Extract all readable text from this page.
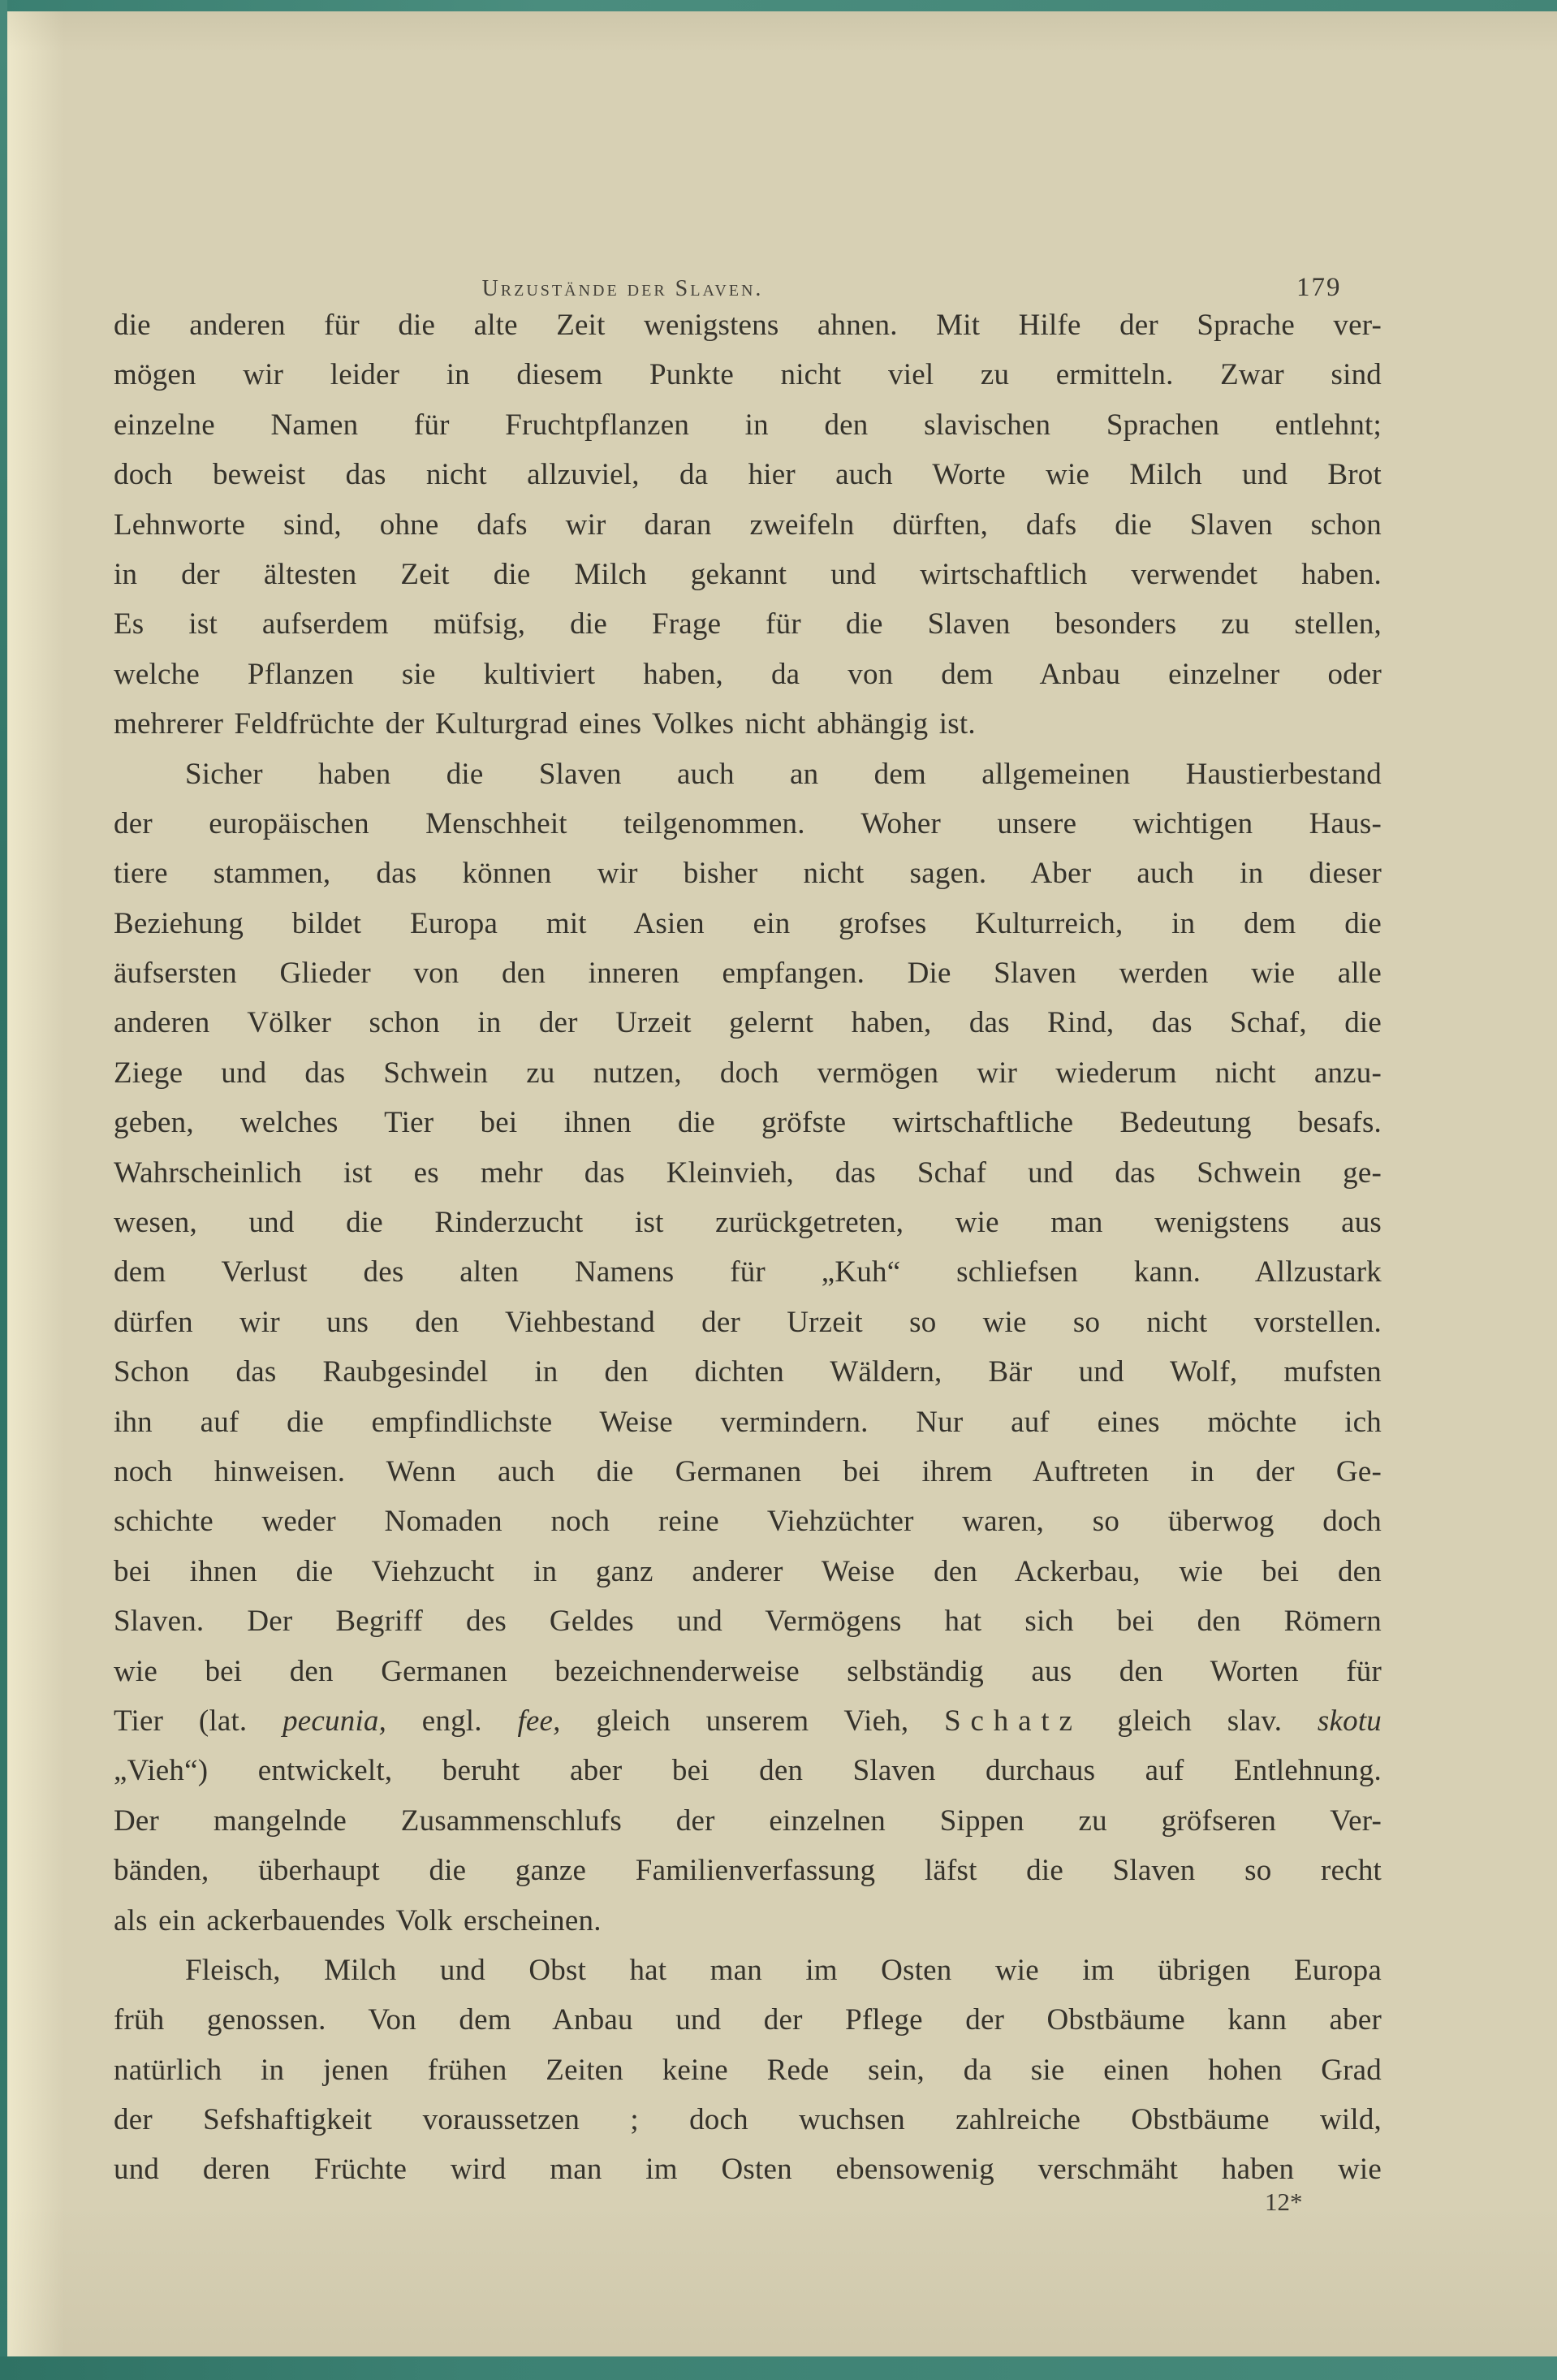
Urzustände der Slaven.	179
die anderen für die alte Zeit wenigstens ahnen. Mit Hilfe der Sprache ver-
mögen wir leider in diesem Punkte nicht viel zu ermitteln. Zwar sind
einzelne Namen für Fruchtpflanzen in den slavischen Sprachen entlehnt;
doch beweist das nicht allzuviel, da hier auch Worte wie Milch und Brot
Lehnworte sind, ohne dafs wir daran zweifeln dürften, dafs die Slaven schon
in der ältesten Zeit die Milch gekannt und wirtschaftlich verwendet haben.
Es ist aufserdem müfsig, die Frage für die Slaven besonders zu stellen,
welche Pflanzen sie kultiviert haben, da von dem Anbau einzelner oder
mehrerer Feldfrüchte der Kulturgrad eines Volkes nicht abhängig ist.
Sicher haben die Slaven auch an dem allgemeinen Haustierbestand
der europäischen Menschheit teilgenommen. Woher unsere wichtigen Haus-
tiere stammen, das können wir bisher nicht sagen. Aber auch in dieser
Beziehung bildet Europa mit Asien ein grofses Kulturreich, in dem die
äufsersten Glieder von den inneren empfangen. Die Slaven werden wie alle
anderen Völker schon in der Urzeit gelernt haben, das Rind, das Schaf, die
Ziege und das Schwein zu nutzen, doch vermögen wir wiederum nicht anzu-
geben, welches Tier bei ihnen die gröfste wirtschaftliche Bedeutung besafs.
Wahrscheinlich ist es mehr das Kleinvieh, das Schaf und das Schwein ge-
wesen, und die Rinderzucht ist zurückgetreten, wie man wenigstens aus
dem Verlust des alten Namens für „Kuh“ schliefsen kann. Allzustark
dürfen wir uns den Viehbestand der Urzeit so wie so nicht vorstellen.
Schon das Raubgesindel in den dichten Wäldern, Bär und Wolf, mufsten
ihn auf die empfindlichste Weise vermindern. Nur auf eines möchte ich
noch hinweisen. Wenn auch die Germanen bei ihrem Auftreten in der Ge-
schichte weder Nomaden noch reine Viehzüchter waren, so überwog doch
bei ihnen die Viehzucht in ganz anderer Weise den Ackerbau, wie bei den
Slaven. Der Begriff des Geldes und Vermögens hat sich bei den Römern
wie bei den Germanen bezeichnenderweise selbständig aus den Worten für
Tier (lat. pecunia, engl. fee, gleich unserem Vieh, Schatz gleich slav. skotu
„Vieh“) entwickelt, beruht aber bei den Slaven durchaus auf Entlehnung.
Der mangelnde Zusammenschlufs der einzelnen Sippen zu gröfseren Ver-
bänden, überhaupt die ganze Familienverfassung läfst die Slaven so recht
als ein ackerbauendes Volk erscheinen.
Fleisch, Milch und Obst hat man im Osten wie im übrigen Europa
früh genossen. Von dem Anbau und der Pflege der Obstbäume kann aber
natürlich in jenen frühen Zeiten keine Rede sein, da sie einen hohen Grad
der Sefshaftigkeit voraussetzen ; doch wuchsen zahlreiche Obstbäume wild,
und deren Früchte wird man im Osten ebensowenig verschmäht haben wie
12*
